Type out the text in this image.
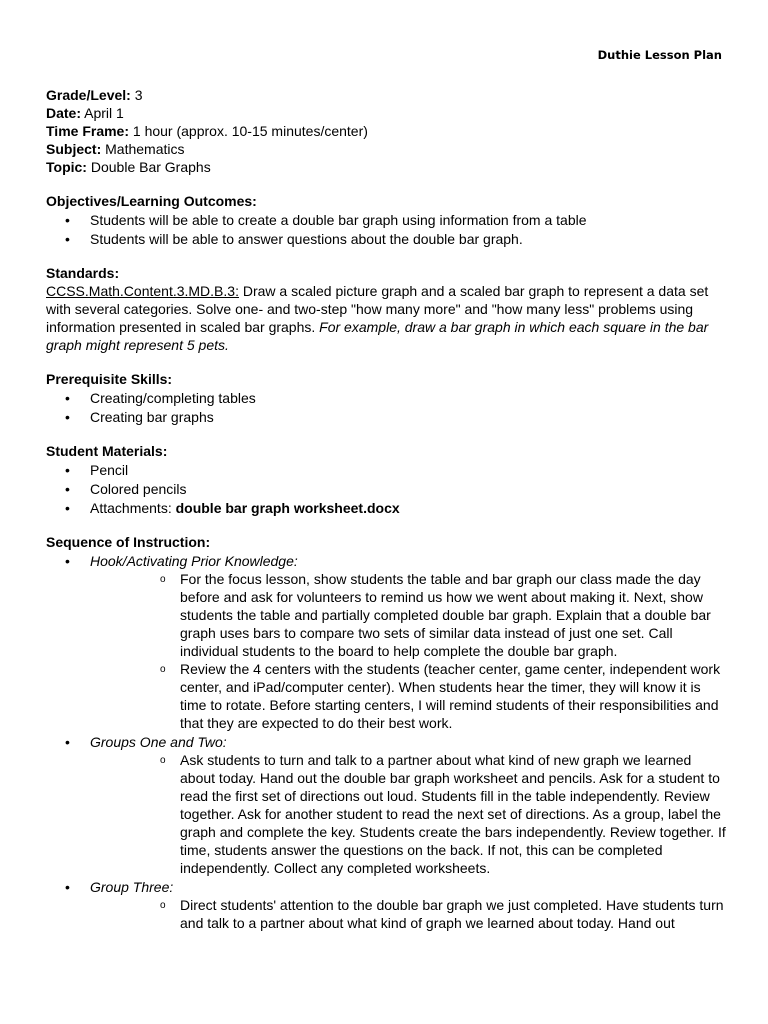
Duthie Lesson Plan
Grade/Level: 3
Date: April 1
Time Frame: 1 hour (approx. 10-15 minutes/center)
Subject: Mathematics
Topic: Double Bar Graphs
Objectives/Learning Outcomes:
• Students will be able to create a double bar graph using information from a table
• Students will be able to answer questions about the double bar graph.
Standards:
CCSS.Math.Content.3.MD.B.3: Draw a scaled picture graph and a scaled bar graph to represent a data set with several categories. Solve one- and two-step "how many more" and "how many less" problems using information presented in scaled bar graphs. For example, draw a bar graph in which each square in the bar graph might represent 5 pets.
Prerequisite Skills:
• Creating/completing tables
• Creating bar graphs
Student Materials:
• Pencil
• Colored pencils
• Attachments: double bar graph worksheet.docx
Sequence of Instruction:
• Hook/Activating Prior Knowledge:
o For the focus lesson, show students the table and bar graph our class made the day before and ask for volunteers to remind us how we went about making it. Next, show students the table and partially completed double bar graph. Explain that a double bar graph uses bars to compare two sets of similar data instead of just one set. Call individual students to the board to help complete the double bar graph.
o Review the 4 centers with the students (teacher center, game center, independent work center, and iPad/computer center). When students hear the timer, they will know it is time to rotate. Before starting centers, I will remind students of their responsibilities and that they are expected to do their best work.
• Groups One and Two:
o Ask students to turn and talk to a partner about what kind of new graph we learned about today. Hand out the double bar graph worksheet and pencils. Ask for a student to read the first set of directions out loud. Students fill in the table independently. Review together. Ask for another student to read the next set of directions. As a group, label the graph and complete the key. Students create the bars independently. Review together. If time, students answer the questions on the back. If not, this can be completed independently. Collect any completed worksheets.
• Group Three:
o Direct students' attention to the double bar graph we just completed. Have students turn and talk to a partner about what kind of graph we learned about today. Hand out
